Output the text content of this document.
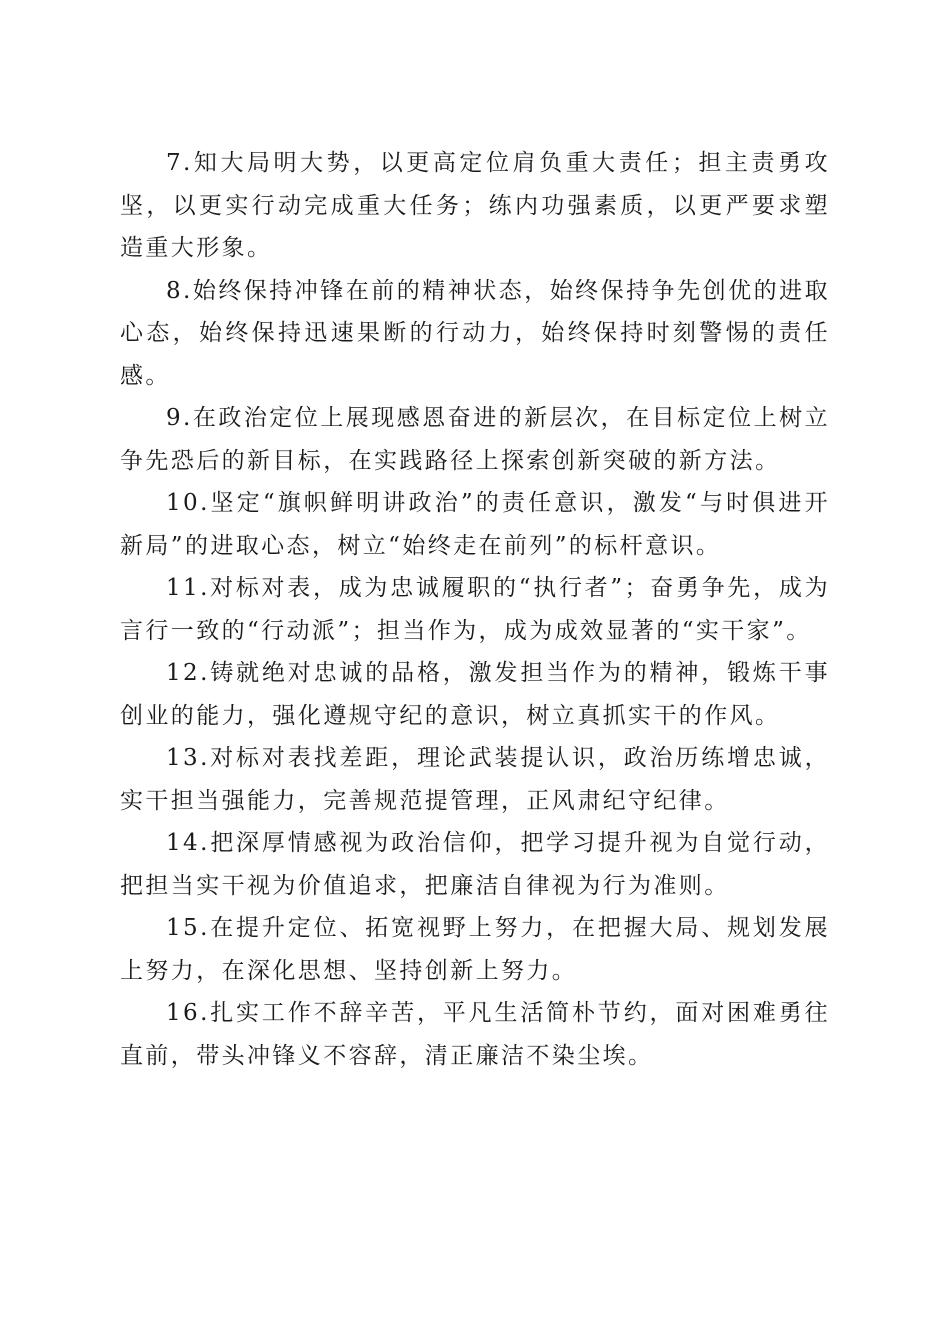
7.知大局明大势，以更高定位肩负重大责任；担主责勇攻坚，以更实行动完成重大任务；练内功强素质，以更严要求塑造重大形象。

8.始终保持冲锋在前的精神状态，始终保持争先创优的进取心态，始终保持迅速果断的行动力，始终保持时刻警惕的责任感。

9.在政治定位上展现感恩奋进的新层次，在目标定位上树立争先恐后的新目标，在实践路径上探索创新突破的新方法。

10.坚定“旗帜鲜明讲政治”的责任意识，激发“与时俱进开新局”的进取心态，树立“始终走在前列”的标杆意识。

11.对标对表，成为忠诚履职的“执行者”；奋勇争先，成为言行一致的“行动派”；担当作为，成为成效显著的“实干家”。

12.铸就绝对忠诚的品格，激发担当作为的精神，锻炼干事创业的能力，强化遵规守纪的意识，树立真抓实干的作风。

13.对标对表找差距，理论武装提认识，政治历练增忠诚，实干担当强能力，完善规范提管理，正风肃纪守纪律。

14.把深厚情感视为政治信仰，把学习提升视为自觉行动，把担当实干视为价值追求，把廉洁自律视为行为准则。

15.在提升定位、拓宽视野上努力，在把握大局、规划发展上努力，在深化思想、坚持创新上努力。

16.扎实工作不辞辛苦，平凡生活简朴节约，面对困难勇往直前，带头冲锋义不容辞，清正廉洁不染尘埃。
